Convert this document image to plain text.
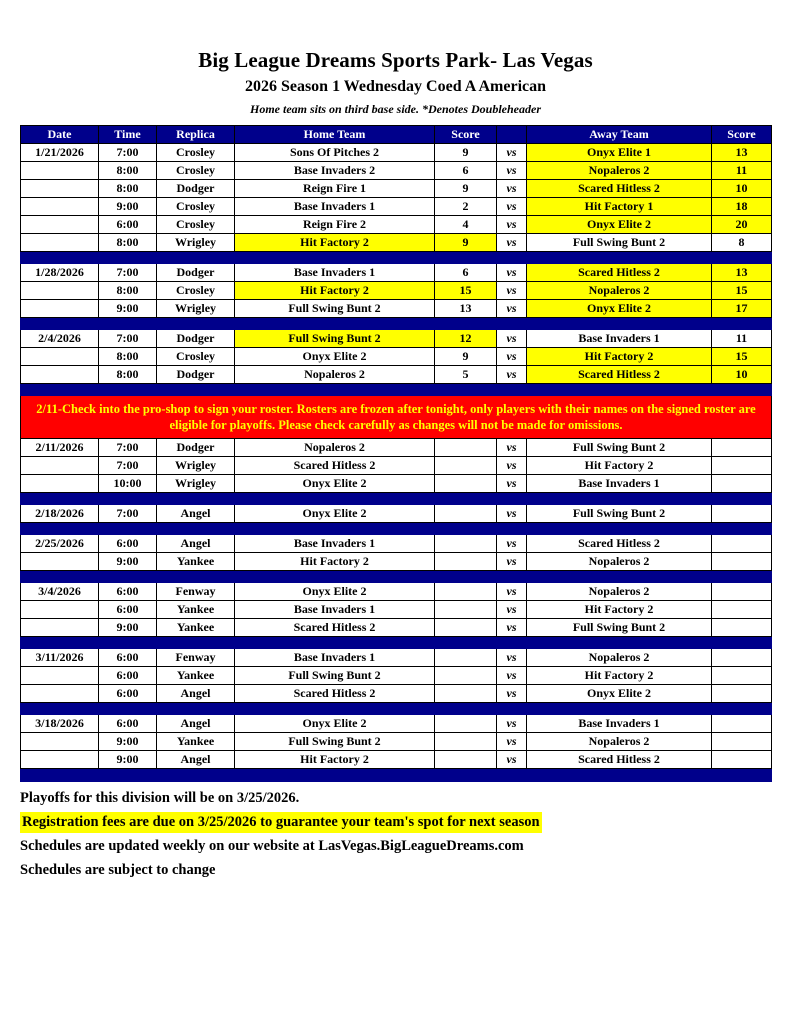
Big League Dreams Sports Park- Las Vegas
2026 Season 1 Wednesday Coed A American
Home team sits on third base side. *Denotes Doubleheader
Date	Time	Replica	Home Team	Score		Away Team	Score
1/21/2026	7:00	Crosley	Sons Of Pitches 2	9	vs	Onyx Elite 1	13
	8:00	Crosley	Base Invaders 2	6	vs	Nopaleros 2	11
	8:00	Dodger	Reign Fire 1	9	vs	Scared Hitless 2	10
	9:00	Crosley	Base Invaders 1	2	vs	Hit Factory 1	18
	6:00	Crosley	Reign Fire 2	4	vs	Onyx Elite 2	20
	8:00	Wrigley	Hit Factory 2	9	vs	Full Swing Bunt 2	8

1/28/2026	7:00	Dodger	Base Invaders 1	6	vs	Scared Hitless 2	13
	8:00	Crosley	Hit Factory 2	15	vs	Nopaleros 2	15
	9:00	Wrigley	Full Swing Bunt 2	13	vs	Onyx Elite 2	17

2/4/2026	7:00	Dodger	Full Swing Bunt 2	12	vs	Base Invaders 1	11
	8:00	Crosley	Onyx Elite 2	9	vs	Hit Factory 2	15
	8:00	Dodger	Nopaleros 2	5	vs	Scared Hitless 2	10

2/11-Check into the pro-shop to sign your roster. Rosters are frozen after tonight, only players with their names on the signed roster are eligible for playoffs. Please check carefully as changes will not be made for omissions.							
2/11/2026	7:00	Dodger	Nopaleros 2		vs	Full Swing Bunt 2	
	7:00	Wrigley	Scared Hitless 2		vs	Hit Factory 2	
	10:00	Wrigley	Onyx Elite 2		vs	Base Invaders 1	

2/18/2026	7:00	Angel	Onyx Elite 2		vs	Full Swing Bunt 2	

2/25/2026	6:00	Angel	Base Invaders 1		vs	Scared Hitless 2	
	9:00	Yankee	Hit Factory 2		vs	Nopaleros 2	

3/4/2026	6:00	Fenway	Onyx Elite 2		vs	Nopaleros 2	
	6:00	Yankee	Base Invaders 1		vs	Hit Factory 2	
	9:00	Yankee	Scared Hitless 2		vs	Full Swing Bunt 2	

3/11/2026	6:00	Fenway	Base Invaders 1		vs	Nopaleros 2	
	6:00	Yankee	Full Swing Bunt 2		vs	Hit Factory 2	
	6:00	Angel	Scared Hitless 2		vs	Onyx Elite 2	

3/18/2026	6:00	Angel	Onyx Elite 2		vs	Base Invaders 1	
	9:00	Yankee	Full Swing Bunt 2		vs	Nopaleros 2	
	9:00	Angel	Hit Factory 2		vs	Scared Hitless 2	

Playoffs for this division will be on 3/25/2026.
Registration fees are due on 3/25/2026 to guarantee your team's spot for next season
Schedules are updated weekly on our website at LasVegas.BigLeagueDreams.com
Schedules are subject to change
